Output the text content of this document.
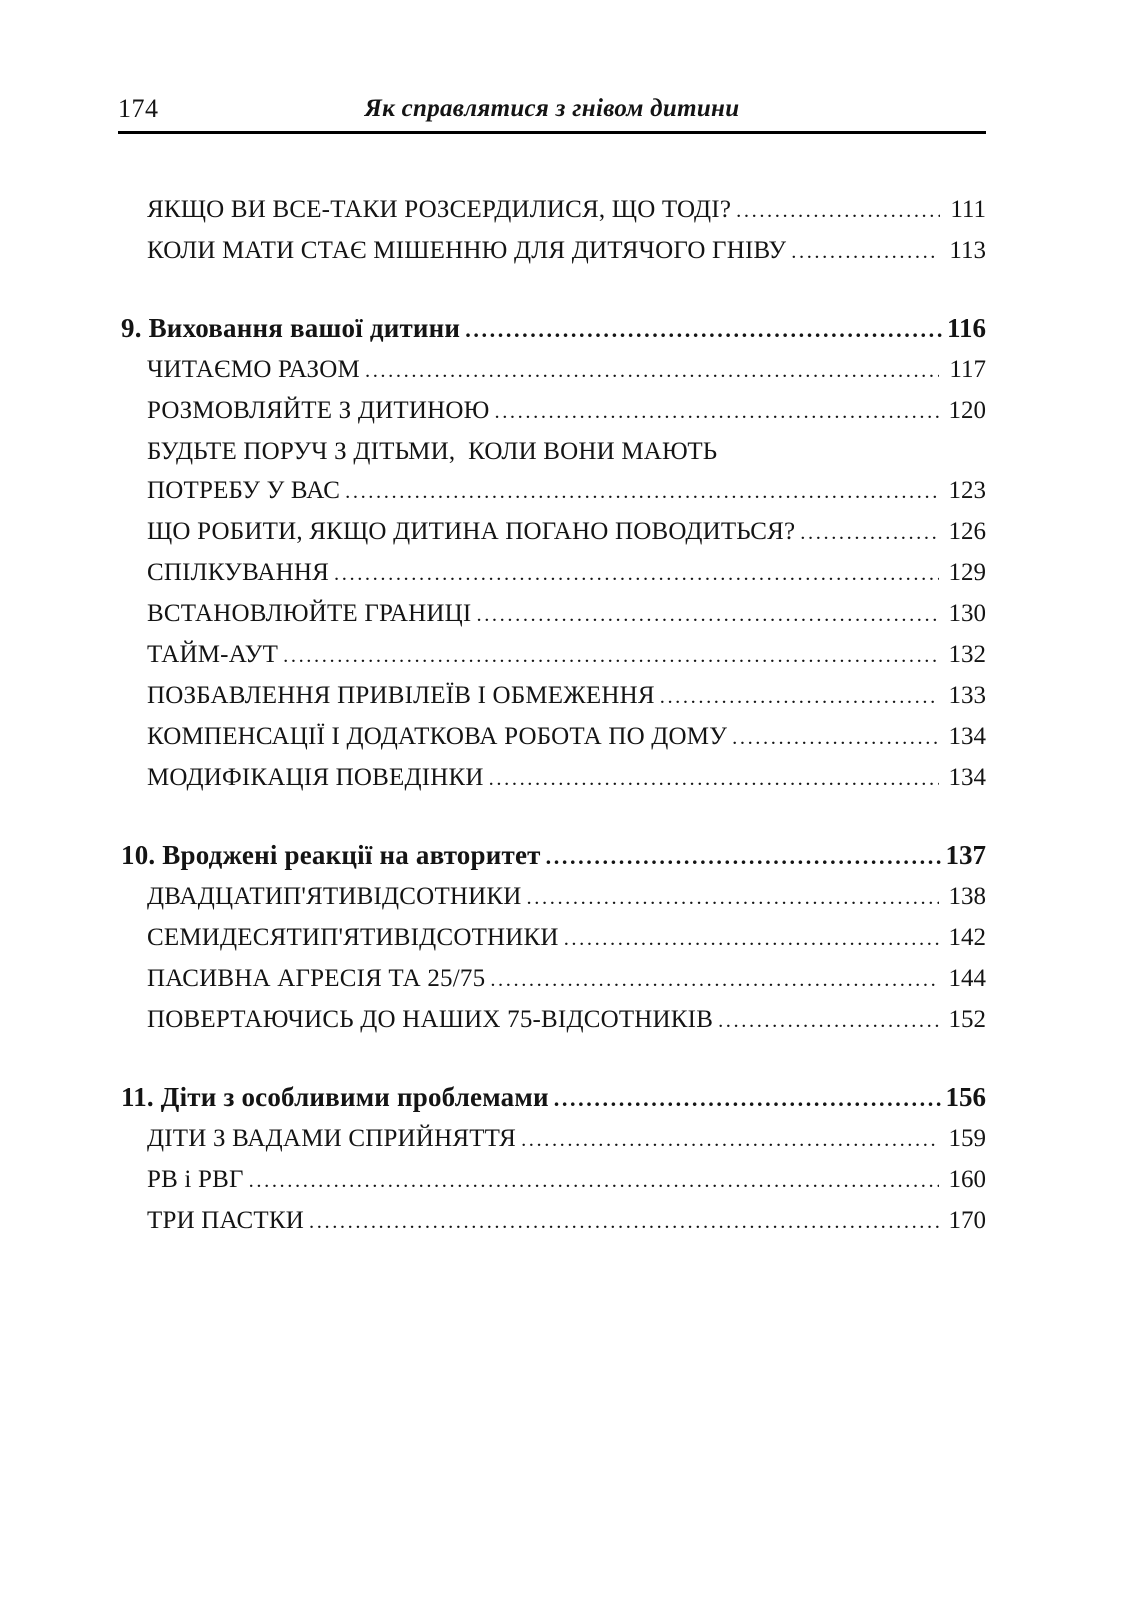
174	Як справлятися з гнівом дитини
ЯКЩО ВИ ВСЕ-ТАКИ РОЗСЕРДИЛИСЯ, ЩО ТОДІ? .....	111
КОЛИ МАТИ СТАЄ МІШЕННЮ ДЛЯ ДИТЯЧОГО ГНІВУ .....	113
9. Виховання вашої дитини .....	116
ЧИТАЄМО РАЗОМ .....	117
РОЗМОВЛЯЙТЕ З ДИТИНОЮ .....	120
БУДЬТЕ ПОРУЧ З ДІТЬМИ,  КОЛИ ВОНИ МАЮТЬ
ПОТРЕБУ У ВАС .....	123
ЩО РОБИТИ, ЯКЩО ДИТИНА ПОГАНО ПОВОДИТЬСЯ? .....	126
СПІЛКУВАННЯ .....	129
ВСТАНОВЛЮЙТЕ ГРАНИЦІ .....	130
ТАЙМ-АУТ .....	132
ПОЗБАВЛЕННЯ ПРИВІЛЕЇВ І ОБМЕЖЕННЯ .....	133
КОМПЕНСАЦІЇ І ДОДАТКОВА РОБОТА ПО ДОМУ .....	134
МОДИФІКАЦІЯ ПОВЕДІНКИ .....	134
10. Вроджені реакції на авторитет .....	137
ДВАДЦАТИП'ЯТИВІДСОТНИКИ .....	138
СЕМИДЕСЯТИП'ЯТИВІДСОТНИКИ .....	142
ПАСИВНА АГРЕСІЯ ТА 25/75 .....	144
ПОВЕРТАЮЧИСЬ ДО НАШИХ 75-ВІДСОТНИКІВ .....	152
11. Діти з особливими проблемами .....	156
ДІТИ З ВАДАМИ СПРИЙНЯТТЯ .....	159
РВ і РВГ .....	160
ТРИ ПАСТКИ .....	170
